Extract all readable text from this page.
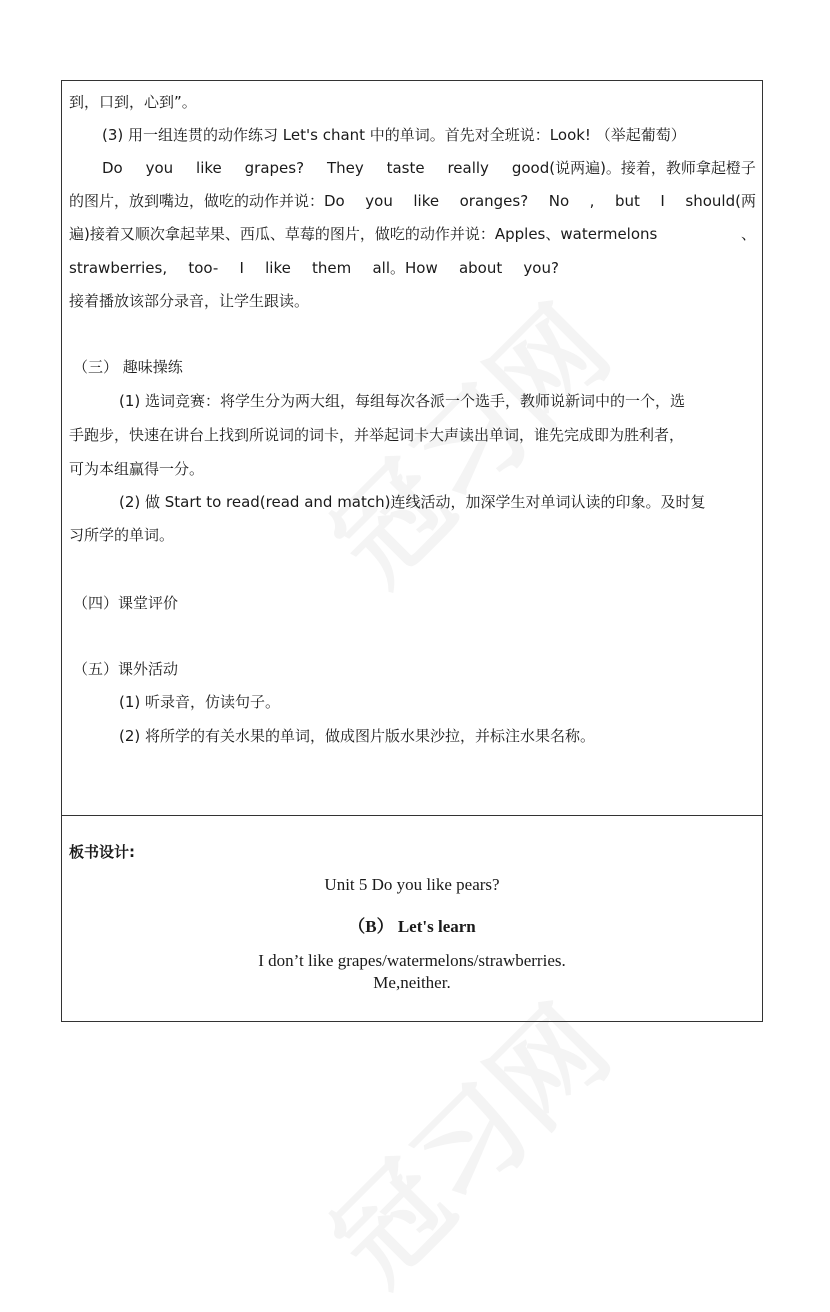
到，口到，心到”。
(3) 用一组连贯的动作练习 Let's chant 中的单词。首先对全班说：Look! （举起葡萄）
Do you like grapes? They taste really good(说两遍)。接着，教师拿起橙子
的图片，放到嘴边，做吃的动作并说：Do you like oranges? No , but I should(两
遍)接着又顺次拿起苹果、西瓜、草莓的图片，做吃的动作并说：Apples、watermelons	、
strawberries, too- I like them all。How about you?
接着播放该部分录音，让学生跟读。
（三） 趣味操练
(1) 选词竞赛：将学生分为两大组，每组每次各派一个选手，教师说新词中的一个，选
手跑步，快速在讲台上找到所说词的词卡，并举起词卡大声读出单词，谁先完成即为胜利者，
可为本组赢得一分。
(2) 做 Start to read(read and match)连线活动，加深学生对单词认读的印象。及时复
习所学的单词。
（四）课堂评价
（五）课外活动
(1) 听录音，仿读句子。
(2) 将所学的有关水果的单词，做成图片版水果沙拉，并标注水果名称。
板书设计:
Unit 5 Do you like pears?
（B） Let's learn
I don’t like grapes/watermelons/strawberries.
Me,neither.
